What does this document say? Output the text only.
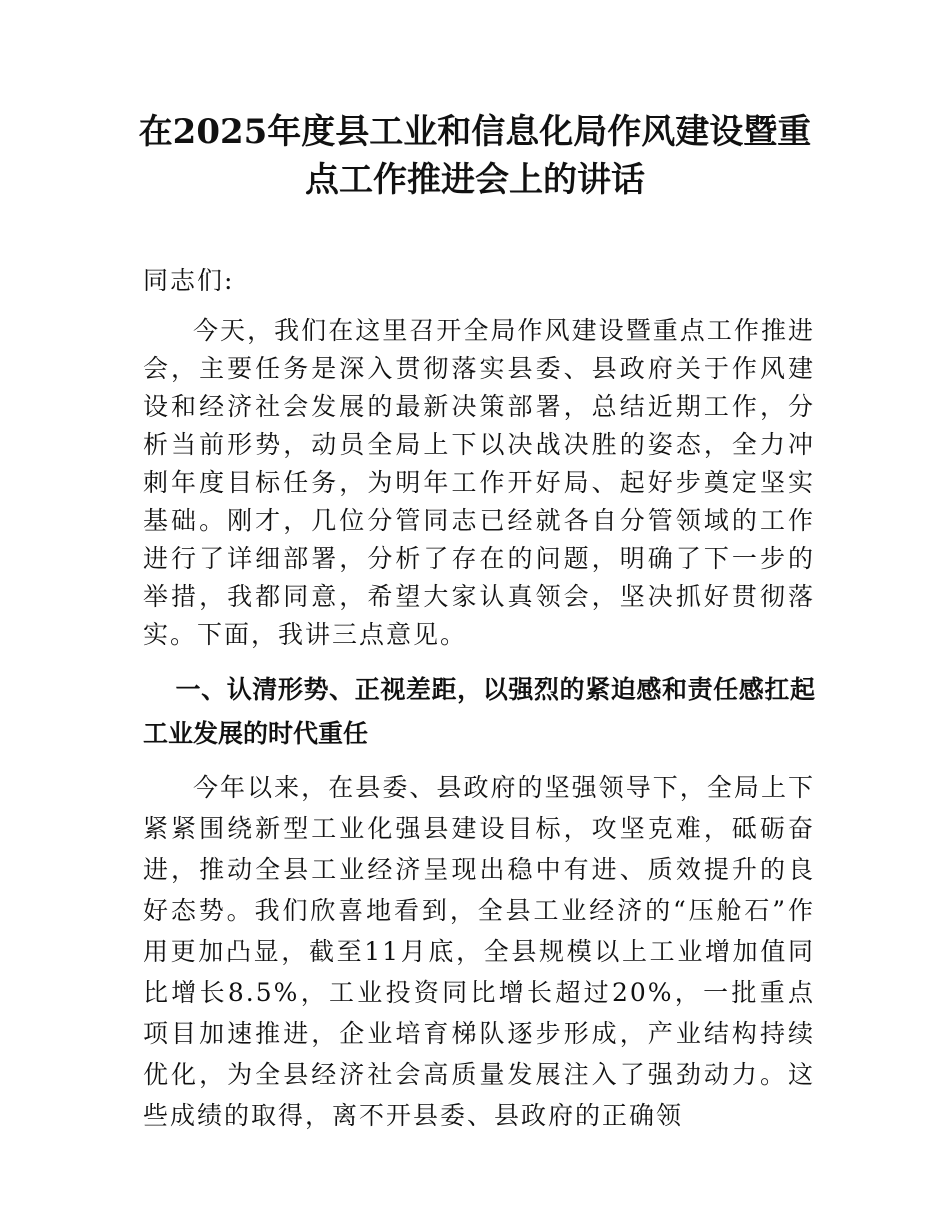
在2025年度县工业和信息化局作风建设暨重
点工作推进会上的讲话

同志们:

今天，我们在这里召开全局作风建设暨重点工作推进会，主要任务是深入贯彻落实县委、县政府关于作风建设和经济社会发展的最新决策部署，总结近期工作，分析当前形势，动员全局上下以决战决胜的姿态，全力冲刺年度目标任务，为明年工作开好局、起好步奠定坚实基础。刚才，几位分管同志已经就各自分管领域的工作进行了详细部署，分析了存在的问题，明确了下一步的举措，我都同意，希望大家认真领会，坚决抓好贯彻落实。下面，我讲三点意见。

一、认清形势、正视差距，以强烈的紧迫感和责任感扛起工业发展的时代重任

今年以来，在县委、县政府的坚强领导下，全局上下紧紧围绕新型工业化强县建设目标，攻坚克难，砥砺奋进，推动全县工业经济呈现出稳中有进、质效提升的良好态势。我们欣喜地看到，全县工业经济的“压舱石”作用更加凸显，截至11月底，全县规模以上工业增加值同比增长8.5%，工业投资同比增长超过20%，一批重点项目加速推进，企业培育梯队逐步形成，产业结构持续优化，为全县经济社会高质量发展注入了强劲动力。这些成绩的取得，离不开县委、县政府的正确领
